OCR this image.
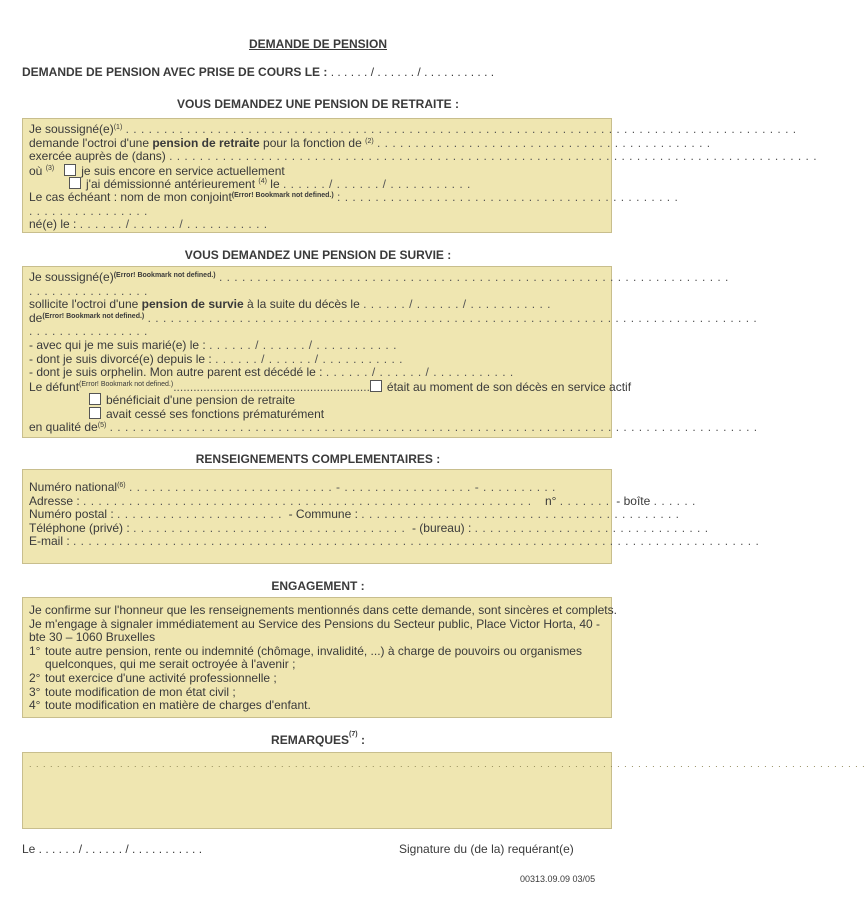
DEMANDE DE PENSION
DEMANDE DE PENSION AVEC PRISE DE COURS LE : . . . . . . / . . . . . . / . . . . . . . . . . .
VOUS DEMANDEZ UNE PENSION DE RETRAITE :
Je $soussigné(e)^{(1)}$ . . . . . . . . . . . . . . . . . . . . . . . . . . . . . . . . . . . . . . . . . . . . . . . . . . . . . . . . . . . . . . . . . . . . . . . . . . . . . . . . . . . . . . . .
demande l'octroi d'une pension de retraite pour la fonction de $^{(2)}$ . . . . . . . . . . . . . . . . . . . . . . . . . . . . . . . . . . . . . . . . . . . .
exercée auprès de (dans) . . . . . . . . . . . . . . . . . . . . . . . . . . . . . . . . . . . . . . . . . . . . . . . . . . . . . . . . . . . . . . . . . . . . . . . . . . . . . . . . . . . . .
où $^{(3)}$ je suis encore en service actuellement
j'ai démissionné antérieurement $^{(4)}$ le . . . . . . / . . . . . . / . . . . . . . . . . .
Le cas échéant : nom de mon conjoint$^{(Error! Bookmark not defined.)}$ : . . . . . . . . . . . . . . . . . . . . . . . . . . . . . . . . . . . . . . . . . . . .
. . . . . . . . . . . . . . . .
né(e) le : . . . . . . / . . . . . . / . . . . . . . . . . .
VOUS DEMANDEZ UNE PENSION DE SURVIE :
Je $soussigné(e)^{(Error! Bookmark not defined.)}$ . . . . . . . . . . . . . . . . . . . . . . . . . . . . . . . . . . . . . . . . . . . . . . . . . . . . . . . . . . . . . . . . . . .
. . . . . . . . . . . . . . . .
sollicite l'octroi d'une pension de survie à la suite du décès le . . . . . . / . . . . . . / . . . . . . . . . . .
$de^{(Error! Bookmark not defined.)}$ . . . . . . . . . . . . . . . . . . . . . . . . . . . . . . . . . . . . . . . . . . . . . . . . . . . . . . . . . . . . . . . . . . . . . . . . . . . . . . . .
. . . . . . . . . . . . . . . .
- avec qui je me suis marié(e) le : . . . . . . / . . . . . . / . . . . . . . . . . .
- dont je suis divorcé(e) depuis le : . . . . . . / . . . . . . / . . . . . . . . . . .
- dont je suis orphelin. Mon autre parent est décédé le : . . . . . . / . . . . . . / . . . . . . . . . . .
Le défunt$^{(Error! Bookmark not defined.)}$........................................................... était au moment de son décès en service actif
bénéficiait d'une pension de retraite
avait cessé ses fonctions prématurément
en qualité $de^{(5)}$ . . . . . . . . . . . . . . . . . . . . . . . . . . . . . . . . . . . . . . . . . . . . . . . . . . . . . . . . . . . . . . . . . . . . . . . . . . . . . . . . . . . . .
RENSEIGNEMENTS COMPLEMENTAIRES :
Numéro national$^{(6)}$ . . . . . . . . . . . . . . . . . . . . . . . . . . . - . . . . . . . . . . . . . . . . . - . . . . . . . . . .
Adresse : . . . . . . . . . . . . . . . . . . . . . . . . . . . . . . . . . . . . . . . . . . . . . . . . . . . . . . . . . . . n° . . . . . . . - boîte . . . . . .
Numéro postal : . . . . . . . . . . . . . . . . . . . . . . - Commune : . . . . . . . . . . . . . . . . . . . . . . . . . . . . . . . . . . . . . . . . . .
Téléphone (privé) : . . . . . . . . . . . . . . . . . . . . . . . . . . . . . . . . . . . . - (bureau) : . . . . . . . . . . . . . . . . . . . . . . . . . . . . . . .
E-mail : . . . . . . . . . . . . . . . . . . . . . . . . . . . . . . . . . . . . . . . . . . . . . . . . . . . . . . . . . . . . . . . . . . . . . . . . . . . . . . . . . . . . . . . . . .
ENGAGEMENT :
Je confirme sur l'honneur que les renseignements mentionnés dans cette demande, sont sincères et complets.
Je m'engage à signaler immédiatement au Service des Pensions du Secteur public, Place Victor Horta, 40 -
bte 30 – 1060 Bruxelles
1° toute autre pension, rente ou indemnité (chômage, invalidité, ...) à charge de pouvoirs ou organismes
quelconques, qui me serait octroyée à l'avenir ;
2° tout exercice d'une activité professionnelle ;
3° toute modification de mon état civil ;
4° toute modification en matière de charges d'enfant.
REMARQUES$^{(7)}$ :
. . . . . . . . . . . . . . . . . . . . . . . . . . . . . . . . . . . . . . . . . . . . . . . . . . . . . . . . . . . . . . . . . . . . . . . . . . . . . . . . . . . . . . . . . . . . . . . . . . . . . . . . . . . . . . . . . . . . . . . .
Le . . . . . . / . . . . . . / . . . . . . . . . . .	Signature du (de la) requérant(e)
00313.09.09 03/05
